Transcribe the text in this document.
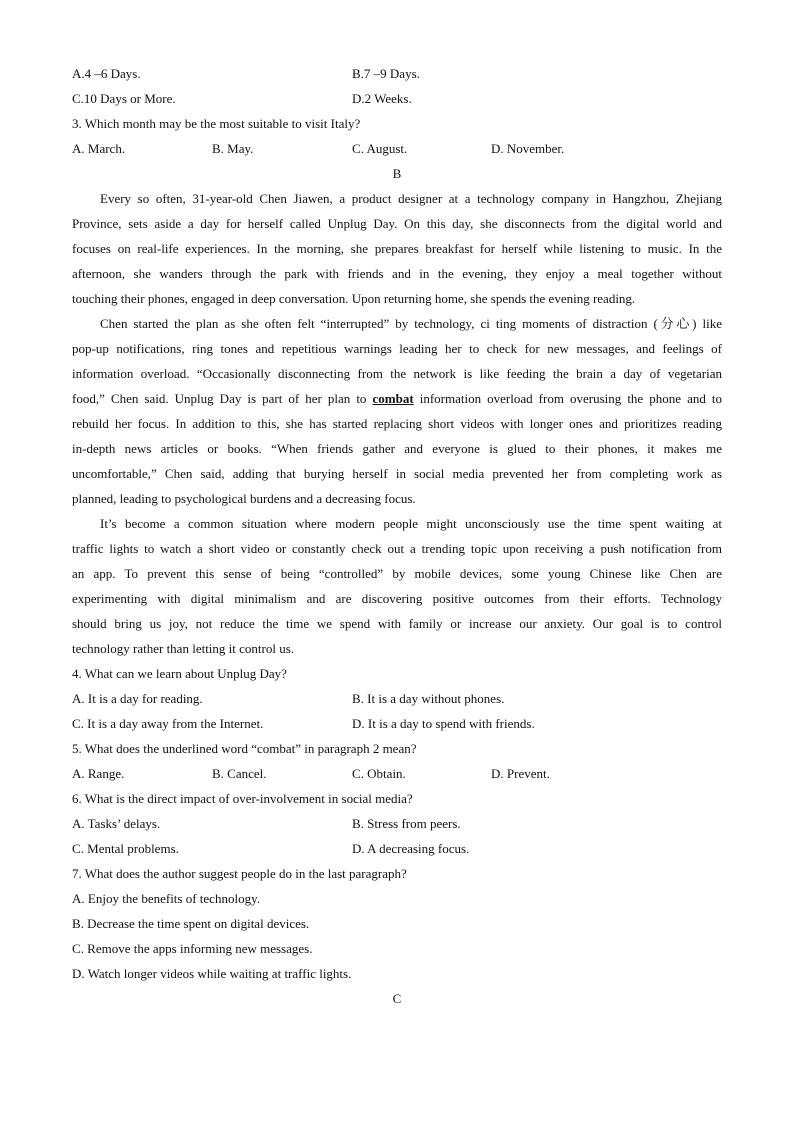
A.4 –6 Days.	B.7 –9 Days.
C.10 Days or More.	D.2 Weeks.
3. Which month may be the most suitable to visit Italy?
A. March.	B. May.	C. August.	D. November.
B
Every so often, 31-year-old Chen Jiawen, a product designer at a technology company in Hangzhou, Zhejiang
Province, sets aside a day for herself called Unplug Day. On this day, she disconnects from the digital world and
focuses on real-life experiences. In the morning, she prepares breakfast for herself while listening to music. In the
afternoon, she wanders through the park with friends and in the evening, they enjoy a meal together without
touching their phones, engaged in deep conversation. Upon returning home, she spends the evening reading.
Chen started the plan as she often felt “interrupted” by technology, ci ting moments of distraction (分心) like
pop-up notifications, ring tones and repetitious warnings leading her to check for new messages, and feelings of
information overload. “Occasionally disconnecting from the network is like feeding the brain a day of vegetarian
food,” Chen said. Unplug Day is part of her plan to combat information overload from overusing the phone and to
rebuild her focus. In addition to this, she has started replacing short videos with longer ones and prioritizes reading
in-depth news articles or books. “When friends gather and everyone is glued to their phones, it makes me
uncomfortable,” Chen said, adding that burying herself in social media prevented her from completing work as
planned, leading to psychological burdens and a decreasing focus.
It’s become a common situation where modern people might unconsciously use the time spent waiting at
traffic lights to watch a short video or constantly check out a trending topic upon receiving a push notification from
an app. To prevent this sense of being “controlled” by mobile devices, some young Chinese like Chen are
experimenting with digital minimalism and are discovering positive outcomes from their efforts. Technology
should bring us joy, not reduce the time we spend with family or increase our anxiety. Our goal is to control
technology rather than letting it control us.
4. What can we learn about Unplug Day?
A. It is a day for reading.	B. It is a day without phones.
C. It is a day away from the Internet.	D. It is a day to spend with friends.
5. What does the underlined word “combat” in paragraph 2 mean?
A. Range.	B. Cancel.	C. Obtain.	D. Prevent.
6. What is the direct impact of over-involvement in social media?
A. Tasks’ delays.	B. Stress from peers.
C. Mental problems.	D. A decreasing focus.
7. What does the author suggest people do in the last paragraph?
A. Enjoy the benefits of technology.
B. Decrease the time spent on digital devices.
C. Remove the apps informing new messages.
D. Watch longer videos while waiting at traffic lights.
C
